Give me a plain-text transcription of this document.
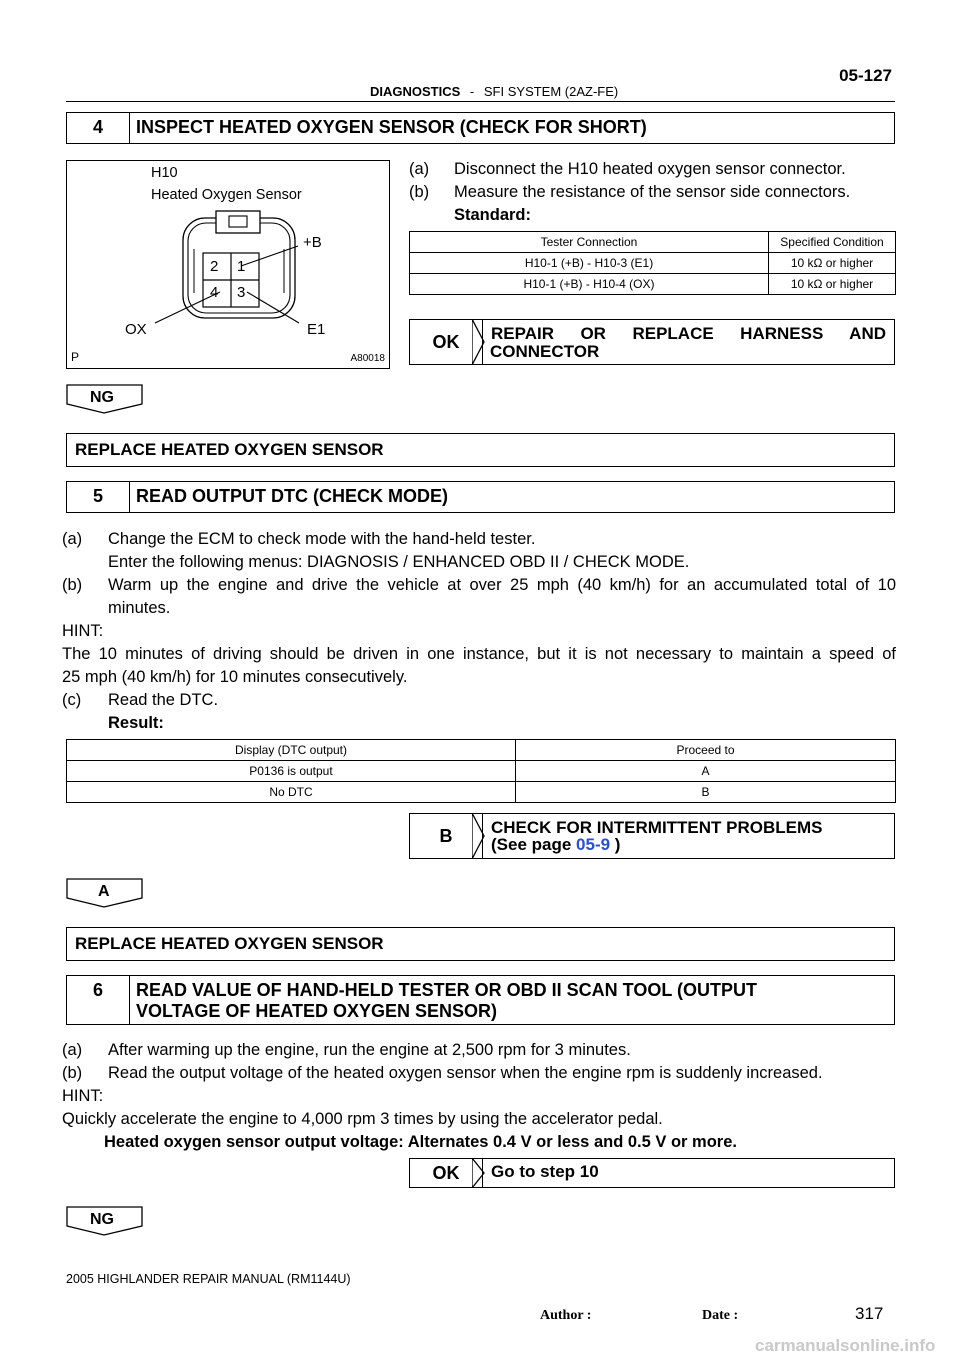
05-127
DIAGNOSTICS - SFI SYSTEM (2AZ-FE)
4	INSPECT HEATED OXYGEN SENSOR (CHECK FOR SHORT)
H10
Heated Oxygen Sensor
2 1
4 3
+B
OX	E1
P	A80018
(a) Disconnect the H10 heated oxygen sensor connector.
(b) Measure the resistance of the sensor side connectors.
Standard:
Tester Connection	Specified Condition
H10-1 (+B) - H10-3 (E1)	10 kΩ or higher
H10-1 (+B) - H10-4 (OX)	10 kΩ or higher
OK	REPAIR OR REPLACE HARNESS AND
CONNECTOR
NG
REPLACE HEATED OXYGEN SENSOR
5	READ OUTPUT DTC (CHECK MODE)
(a) Change the ECM to check mode with the hand-held tester.
Enter the following menus: DIAGNOSIS / ENHANCED OBD II / CHECK MODE.
(b) Warm up the engine and drive the vehicle at over 25 mph (40 km/h) for an accumulated total of 10
minutes.
HINT:
The 10 minutes of driving should be driven in one instance, but it is not necessary to maintain a speed of
25 mph (40 km/h) for 10 minutes consecutively.
(c) Read the DTC.
Result:
Display (DTC output)	Proceed to
P0136 is output	A
No DTC	B
B	CHECK FOR INTERMITTENT PROBLEMS
(See page 05-9 )
A
REPLACE HEATED OXYGEN SENSOR
6	READ VALUE OF HAND-HELD TESTER OR OBD II SCAN TOOL (OUTPUT
VOLTAGE OF HEATED OXYGEN SENSOR)
(a) After warming up the engine, run the engine at 2,500 rpm for 3 minutes.
(b) Read the output voltage of the heated oxygen sensor when the engine rpm is suddenly increased.
HINT:
Quickly accelerate the engine to 4,000 rpm 3 times by using the accelerator pedal.
Heated oxygen sensor output voltage: Alternates 0.4 V or less and 0.5 V or more.
OK	Go to step 10
NG
2005 HIGHLANDER REPAIR MANUAL (RM1144U)
Author :	Date :	317
carmanualsonline.info
